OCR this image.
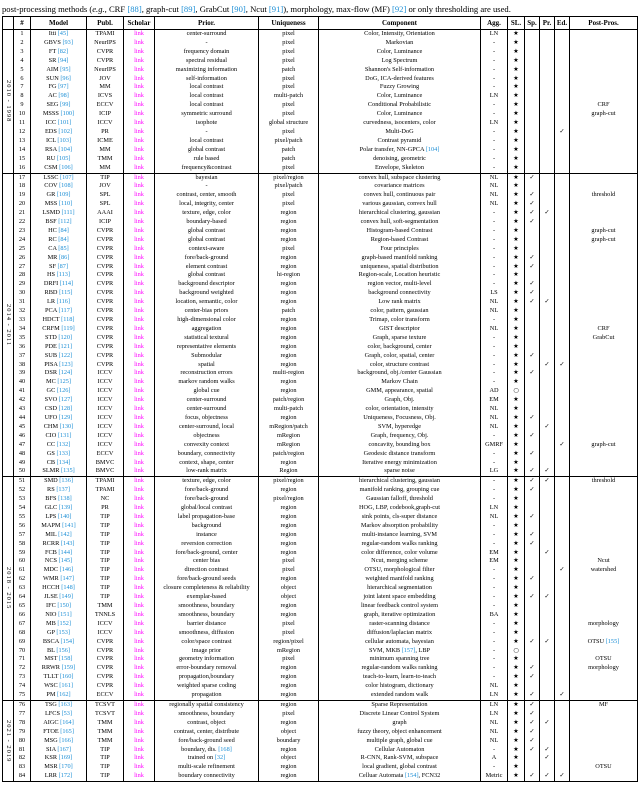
post-processing methods (e.g., CRF [88], graph-cut [89], GrabCut [90], Ncut [91]), morphology, max-flow (MF) [92] or only thresholding are used.
	#	Model	Publ.	Scholar	Prior.	Uniqueness	Component	Agg.	SL.	Sp.	Pr.	Ed.	Post-Pros.

2010 - 1998	1	Itti [45]	TPAMI	link	center-surround	pixel	Color, Intensity, Orientation	LN	★				
	2	GBVS [93]	NeurIPS	link	-	pixel	Markovian	-	★				
	3	FT [82]	CVPR	link	frequency domain	pixel	Color, Luminance	-	★				
	4	SR [94]	CVPR	link	spectral residual	pixel	Log Spectrum	-	★				
	5	AIM [95]	NeurIPS	link	maximizing information	patch	Shannon's Self-information	-	★				
	6	SUN [96]	JOV	link	self-information	pixel	DoG, ICA-derived features	-	★				
	7	FG [97]	MM	link	local contrast	pixel	Fuzzy Growing	-	★				
	8	AC [98]	ICVS	link	local contrast	multi-patch	Color, Luminance	LN	★				
	9	SEG [99]	ECCV	link	local contrast	pixel	Conditional Probabilistic	-	★				CRF
	10	MSSS [100]	ICIP	link	symmetric surround	pixel	Color, Luminance	-	★				graph-cut
	11	ICC [101]	ICCV	link	isophote	global structure	curvedness, isocenters, color	LN	★				
	12	EDS [102]	PR	link	-	pixel	Multi-DoG	-	★			✓	
	13	ICL [103]	ICME	link	local contrast	pixel/patch	Contrast pyramid	-	★				
	14	RSA [104]	MM	link	global contrast	patch	Polar transfer, NN-GPCA [104]	-	★				
	15	RU [105]	TMM	link	rule based	patch	denoising, geometric	-	★				
	16	CSM [106]	MM	link	frequency&contrast	pixel	Envelope, Skeleton	-	★				

2014 - 2011	17	LSSC [107]	TIP	link	bayesian	pixel/region	convex hull, subspace clustering	NL	★	✓			
	18	COV [108]	JOV	link	-	pixel/patch	covariance matrices	NL	★				
	19	GR [109]	SPL	link	contrast, center, smooth	pixel	convex hull, continuous pair	NL	★	✓			threshold
	20	MSS [110]	SPL	link	local, integrity, center	pixel	various gaussian, convex hull	NL	★	✓			
	21	LSMD [111]	AAAI	link	texture, edge, color	region	hierarchical clustering, gaussian	-	★	✓	✓		
	22	BSF [112]	ICIP	link	boundary-based	region	convex hull, soft-segmentation	-	★	✓			
	23	HC [84]	CVPR	link	global contrast	region	Histogram-based Contrast	-	★				graph-cut
	24	RC [84]	CVPR	link	global contrast	region	Region-based Contrast	-	★				graph-cut
	25	CA [85]	CVPR	link	context-aware	pixel	Four principles	-	★				
	26	MR [86]	CVPR	link	fore/back-ground	region	graph-based manifold ranking	-	★	✓			
	27	SF [87]	CVPR	link	element contrast	region	uniqueness, spatial distribution	-	★	✓			
	28	HS [113]	CVPR	link	global contrast	hi-region	Region-scale, Location heuristic	-	★				
	29	DRFI [114]	CVPR	link	background descriptor	region	region vector, multi-level	-	★	✓			
	30	RBD [115]	CVPR	link	background weighted	region	background connectivity	LS	★	✓			
	31	LR [116]	CVPR	link	location, semantic, color	region	Low rank matrix	NL	★	✓	✓		
	32	PCA [117]	CVPR	link	center-bias priors	patch	color, pattern, gaussian	NL	★				
	33	HDCT [118]	CVPR	link	high-dimensional color	region	Trimap, color transform	-	★				
	34	CRFM [119]	CVPR	link	aggregation	region	GIST descriptor	NL	★				CRF
	35	STD [120]	CVPR	link	statistical textural	region	Graph, sparse texture	-	★				GrabCut
	36	PDE [121]	CVPR	link	representative elements	region	color, background, center	-	★				
	37	SUB [122]	CVPR	link	Submodular	region	Graph, color, spatial, center	-	★	✓			
	38	PISA [123]	CVPR	link	spatial	region	color, structure contrast	-	★		✓	✓	
	39	DSR [124]	ICCV	link	reconstruction errors	multi-region	background, obj./center Gaussian	-	★	✓			
	40	MC [125]	ICCV	link	markov random walks	region	Markov Chain	-	★				
	41	GC [126]	ICCV	link	global cue	region	GMM, appearance, spatial	AD	○				
	42	SVO [127]	ICCV	link	center-surround	patch/region	Graph, Obj.	EM	★				
	43	CSD [128]	ICCV	link	center-surround	multi-patch	color, orientation, intensity	NL	★				
	44	UFO [129]	ICCV	link	focus, objectness	region	Uniqueness, Focusness, Obj.	NL	★	✓			
	45	CHM [130]	ICCV	link	center-surround, local	mRegion/patch	SVM, hyperedge	NL	★		✓		
	46	CIO [131]	ICCV	link	objectness	mRegion	Graph, frequency, Obj.	-	★	✓			
	47	CC [132]	ICCV	link	convexity context	mRegion	concavity, bounding box	GMRF	★			✓	graph-cut
	48	GS [133]	ECCV	link	boundary, connectivity	patch/region	Geodesic distance transform	-	★	✓			
	49	CB [134]	BMVC	link	context, shape, center	region	Iterative energy minimization	-	★				
	50	SLMR [135]	BMVC	link	low-rank matrix	Region	sparse noise	LG	★	✓	✓		

2018 - 2015	51	SMD [136]	TPAMI	link	texture, edge, color	pixel/region	hierarchical clustering, gaussian	-	★	✓	✓		threshold
	52	RS [137]	TPAMI	link	fore/back-ground	region	manifold ranking, grouping cue	-	★	✓			
	53	BFS [138]	NC	link	fore/back-ground	pixel/region	Gaussian falloff, threshold	-	★				
	54	GLC [139]	PR	link	global/local contrast	region	HOG, LBP, codebook,graph-cut	LN	★				
	55	LPS [140]	TIP	link	label propagation-base	region	sink points, cls-super distance	NL	★	✓			
	56	MAPM [141]	TIP	link	background	region	Markov absorption probability	-	★				
	57	MIL [142]	TIP	link	instance	region	multi-instance learning, SVM	-	★	✓			
	58	RCRR [143]	TIP	link	reversion correction	region	regular-random walks ranking	-	★	✓			
	59	FCB [144]	TIP	link	fore/back-ground, center	region	color difference, color volume	EM	★		✓		
	60	NCS [145]	TIP	link	center bias	pixel	Ncut, merging scheme	EM	★				Ncut
	61	MDC [146]	TIP	link	direction contrast	pixel	OTSU, morphological filter	-	★			✓	watershed
	62	WMR [147]	TIP	link	fore/back-ground seeds	region	weighted manifold ranking	-	★	✓			
	63	HCCH [148]	TIP	link	closure completeness & reliability	object	hierarchical segmentation	-	★				
	64	JLSE [149]	TIP	link	exemplar-based	object	joint latent space embedding	-	★	✓	✓		
	65	IFC [150]	TMM	link	smoothness, boundary	region	linear feedback control system	-	★				
	66	NIO [151]	TNNLS	link	smoothness, boundary	region	graph, iterative optimization	BA	★				
	67	MB [152]	ICCV	link	barrier distance	pixel	raster-scanning distance	-	★				morphology
	68	GP [153]	ICCV	link	smoothness, diffusion	pixel	diffusion/laplacian matrix	-	★				
	69	BSCA [154]	CVPR	link	color/space contrast	region/pixel	cellular automata, bayesian	-	★	✓	✓		OTSU [155]
	70	BL [156]	CVPR	link	image prior	mRegion	SVM, MKB [157], LBP	-	○				
	71	MST [158]	CVPR	link	geometry information	pixel	minimum spanning tree	-	★				OTSU
	72	RRWR [159]	CVPR	link	error-boundary removal	region	regular-random walks ranking	-	★	✓			morphology
	73	TLLT [160]	CVPR	link	propagation,boundary	region	teach-to-learn, learn-to-teach	-	★	✓			
	74	WSC [161]	CVPR	link	weighted sparse coding	region	color histogram, dictionary	NL	★				
	75	PM [162]	ECCV	link	propagation	region	extended random walk	LN	★	✓		✓	

2021 - 2019	76	TSG [163]	TCSVT	link	regionally spatial consistency	region	Sparse Representation	LN	★	✓			MF
	77	LFCS [53]	TCSVT	link	smoothness, boundary	pixel	Discrete Linear Control System	LN	★	✓			
	78	AIGC [164]	TMM	link	contrast, object	region	graph	NL	★	✓	✓		
	79	FTOE [165]	TMM	link	contrast, center, distribute	object	fuzzy theory, object enhancement	NL	★	✓			
	80	MSG [166]	TMM	link	fore/back-ground seed	boundary	multiple graph, global cue	NL	★	✓			
	81	SIA [167]	TIP	link	boundary, dis. [168]	region	Cellular Automaton	-	★	✓	✓		
	82	KSR [169]	TIP	link	trained on [32]	object	R-CNN, Rank-SVM, subspace	A	★		✓		
	83	MSR [170]	TIP	link	multi-scale refinement	region	local gradient, global contrast	-	★				OTSU
	84	LRR [172]	TIP	link	boundary connectivity	region	Celluar Automata [154], FCN32	Metric	★	✓	✓	✓	
